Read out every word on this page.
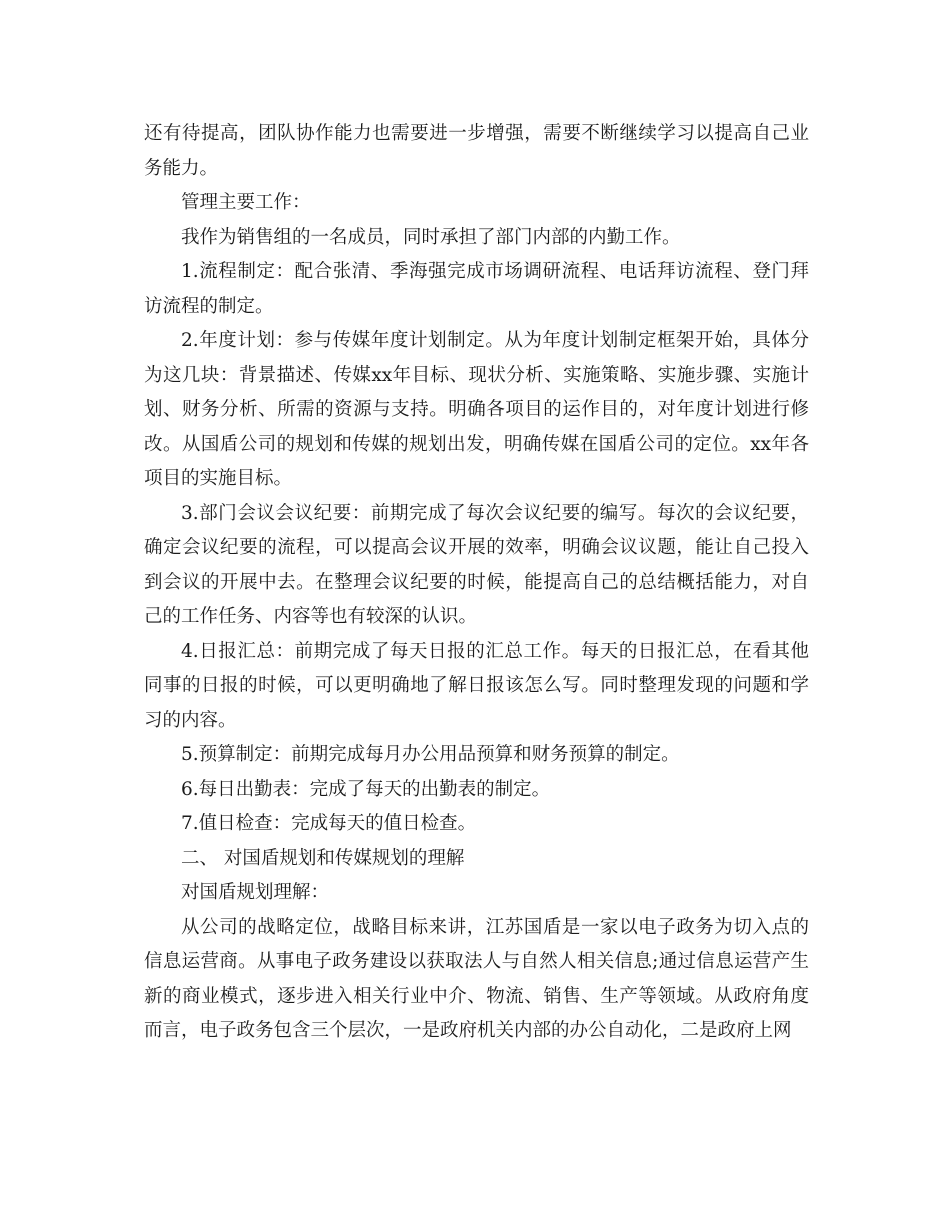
还有待提高，团队协作能力也需要进一步增强，需要不断继续学习以提高自己业务能力。

管理主要工作：

我作为销售组的一名成员，同时承担了部门内部的内勤工作。

1.流程制定：配合张清、季海强完成市场调研流程、电话拜访流程、登门拜访流程的制定。

2.年度计划：参与传媒年度计划制定。从为年度计划制定框架开始，具体分为这几块：背景描述、传媒xx年目标、现状分析、实施策略、实施步骤、实施计划、财务分析、所需的资源与支持。明确各项目的运作目的，对年度计划进行修改。从国盾公司的规划和传媒的规划出发，明确传媒在国盾公司的定位。xx年各项目的实施目标。

3.部门会议会议纪要：前期完成了每次会议纪要的编写。每次的会议纪要，确定会议纪要的流程，可以提高会议开展的效率，明确会议议题，能让自己投入到会议的开展中去。在整理会议纪要的时候，能提高自己的总结概括能力，对自己的工作任务、内容等也有较深的认识。

4.日报汇总：前期完成了每天日报的汇总工作。每天的日报汇总，在看其他同事的日报的时候，可以更明确地了解日报该怎么写。同时整理发现的问题和学习的内容。

5.预算制定：前期完成每月办公用品预算和财务预算的制定。

6.每日出勤表：完成了每天的出勤表的制定。

7.值日检查：完成每天的值日检查。

二、 对国盾规划和传媒规划的理解

对国盾规划理解：

从公司的战略定位，战略目标来讲，江苏国盾是一家以电子政务为切入点的信息运营商。从事电子政务建设以获取法人与自然人相关信息;通过信息运营产生新的商业模式，逐步进入相关行业中介、物流、销售、生产等领域。从政府角度而言，电子政务包含三个层次，一是政府机关内部的办公自动化，二是政府上网
